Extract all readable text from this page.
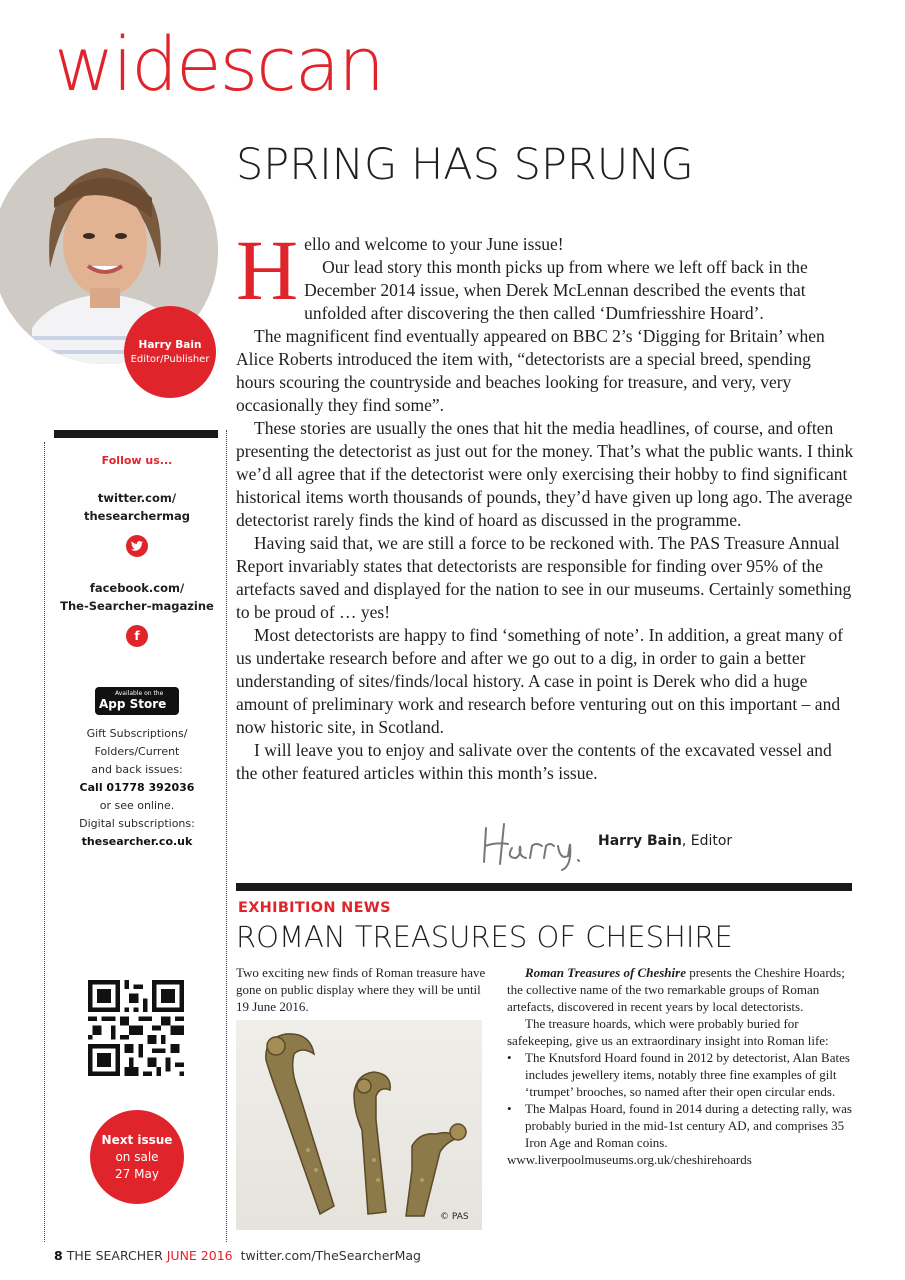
widescan
Harry Bain
Editor/Publisher
SPRING HAS SPRUNG
Follow us...
twitter.com/
thesearchermag
facebook.com/
The-Searcher-magazine
f
Available on the
App Store
Gift Subscriptions/
Folders/Current
and back issues:
Call 01778 392036
or see online.
Digital subscriptions:
thesearcher.co.uk
Next issue
on sale
27 May

Hello and welcome to your June issue!

Our lead story this month picks up from where we left off back in the December 2014 issue, when Derek McLennan described the events that unfolded after discovering the then called ‘Dumfriesshire Hoard’.

The magnificent find eventually appeared on BBC 2’s ‘Digging for Britain’ when Alice Roberts introduced the item with, “detectorists are a special breed, spending hours scouring the countryside and beaches looking for treasure, and very, very occasionally they find some”.

These stories are usually the ones that hit the media headlines, of course, and often presenting the detectorist as just out for the money. That’s what the public wants. I think we’d all agree that if the detectorist were only exercising their hobby to find significant historical items worth thousands of pounds, they’d have given up long ago. The average detectorist rarely finds the kind of hoard as discussed in the programme.

Having said that, we are still a force to be reckoned with. The PAS Treasure Annual Report invariably states that detectorists are responsible for finding over 95% of the artefacts saved and displayed for the nation to see in our museums. Certainly something to be proud of … yes!

Most detectorists are happy to find ‘something of note’. In addition, a great many of us undertake research before and after we go out to a dig, in order to gain a better understanding of sites/finds/local history. A case in point is Derek who did a huge amount of preliminary work and research before venturing out on this important – and now historic site, in Scotland.

I will leave you to enjoy and salivate over the contents of the excavated vessel and the other featured articles within this month’s issue.

Harry Bain, Editor
EXHIBITION NEWS
ROMAN TREASURES OF CHESHIRE
Two exciting new finds of Roman treasure have gone on public display where they will be until 19 June 2016.
© PAS

Roman Treasures of Cheshire presents the Cheshire Hoards; the collective name of the two remarkable groups of Roman artefacts, discovered in recent years by local detectorists.

The treasure hoards, which were probably buried for safekeeping, give us an extraordinary insight into Roman life:

• The Knutsford Hoard found in 2012 by detectorist, Alan Bates includes jewellery items, notably three fine examples of gilt ‘trumpet’ brooches, so named after their open circular ends.
• The Malpas Hoard, found in 2014 during a detecting rally, was probably buried in the mid-1st century AD, and comprises 35 Iron Age and Roman coins.
www.liverpoolmuseums.org.uk/cheshirehoards
8 THE SEARCHER JUNE 2016 twitter.com/TheSearcherMag
